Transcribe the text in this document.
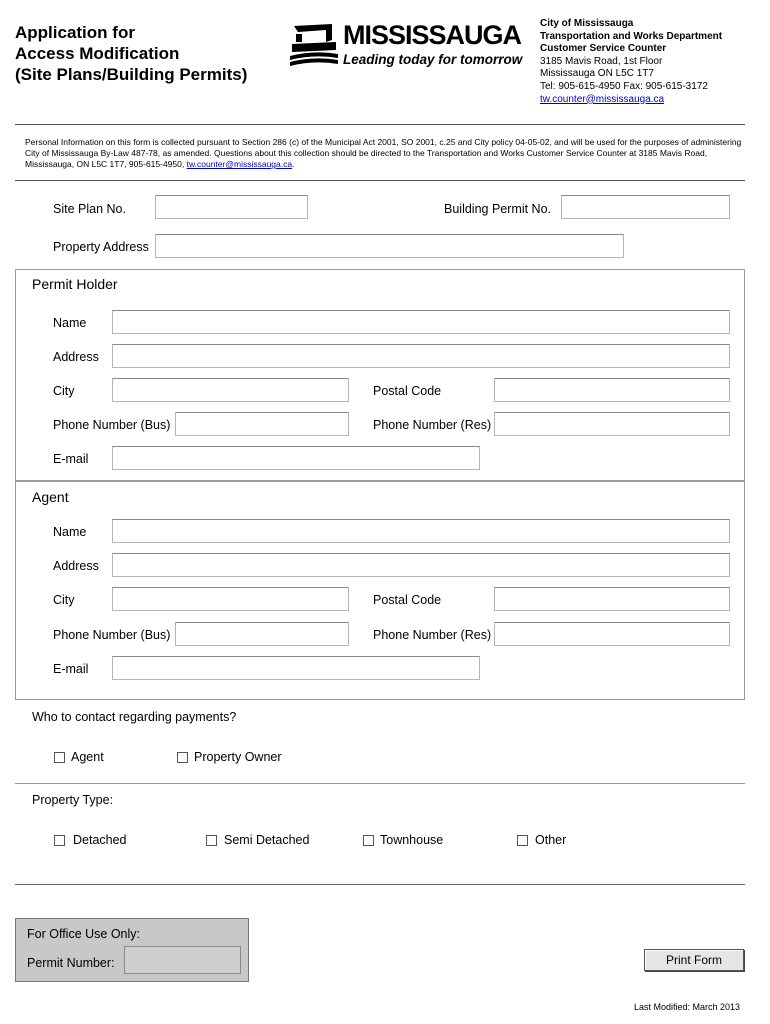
Application for
Access Modification
(Site Plans/Building Permits)
MISSISSAUGA
Leading today for tomorrow
City of Mississauga
Transportation and Works Department
Customer Service Counter
3185 Mavis Road, 1st Floor
Mississauga ON L5C 1T7
Tel: 905-615-4950 Fax: 905-615-3172
tw.counter@mississauga.ca
Personal Information on this form is collected pursuant to Section 286 (c) of the Municipal Act 2001, SO 2001, c.25 and City policy 04-05-02, and will be used for the purposes of administering City of Mississauga By-Law 487-78, as amended. Questions about this collection should be directed to the Transportation and Works Customer Service Counter at 3185 Mavis Road, Mississauga, ON L5C 1T7, 905-615-4950, tw.counter@mississauga.ca.
Site Plan No.	Building Permit No.
Property Address
Permit Holder
Name
Address
City	Postal Code
Phone Number (Bus)	Phone Number (Res)
E-mail
Agent
Name
Address
City	Postal Code
Phone Number (Bus)	Phone Number (Res)
E-mail
Who to contact regarding payments?
Agent	Property Owner
Property Type:
Detached	Semi Detached	Townhouse	Other
For Office Use Only:
Permit Number:	Print Form
Last Modified: March 2013
